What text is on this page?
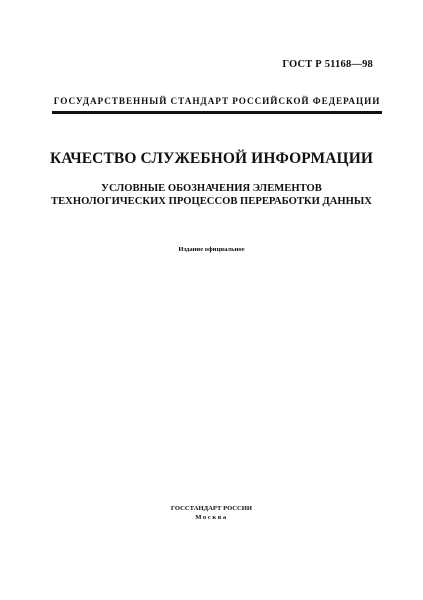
ГОСТ Р 51168—98
ГОСУДАРСТВЕННЫЙ СТАНДАРТ РОССИЙСКОЙ ФЕДЕРАЦИИ
КАЧЕСТВО СЛУЖЕБНОЙ ИНФОРМАЦИИ
УСЛОВНЫЕ ОБОЗНАЧЕНИЯ ЭЛЕМЕНТОВ
ТЕХНОЛОГИЧЕСКИХ ПРОЦЕССОВ ПЕРЕРАБОТКИ ДАННЫХ
Издание официальное
ГОССТАНДАРТ РОССИИ
Москва
